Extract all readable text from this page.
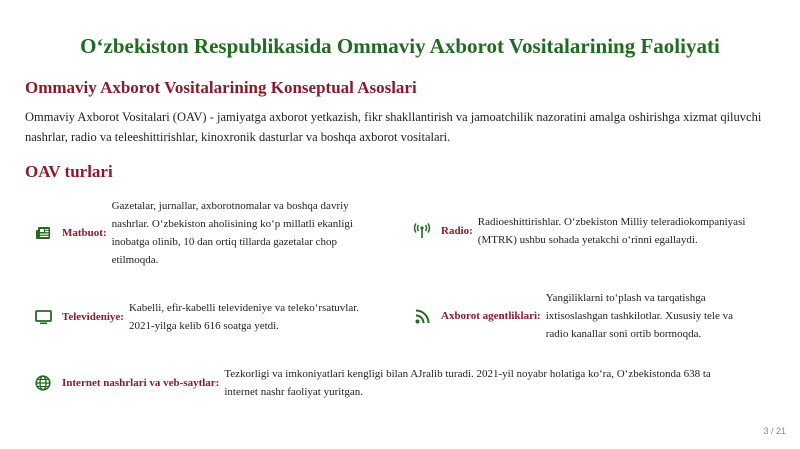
O‘zbekiston Respublikasida Ommaviy Axborot Vositalarining Faoliyati
Ommaviy Axborot Vositalarining Konseptual Asoslari

Ommaviy Axborot Vositalari (OAV) - jamiyatga axborot yetkazish, fikr shakllantirish va jamoatchilik nazoratini amalga oshirishga xizmat qiluvchi nashrlar, radio va teleeshittirishlar, kinoxronik dasturlar va boshqa axborot vositalari.

OAV turlari
Matbuot:
Gazetalar, jurnallar, axborotnomalar va boshqa davriy nashrlar. O‘zbekiston aholisining ko‘p millatli ekanligi inobatga olinib, 10 dan ortiq tillarda gazetalar chop etilmoqda.
Radio:
Radioeshittirishlar. O‘zbekiston Milliy teleradiokompaniyasi (MTRK) ushbu sohada yetakchi o‘rinni egallaydi.
Televideniye:
Kabelli, efir-kabelli televideniye va teleko‘rsatuvlar. 2021-yilga kelib 616 soatga yetdi.
Axborot agentliklari:
Yangiliklarni to‘plash va tarqatishga ixtisoslashgan tashkilotlar. Xususiy tele va radio kanallar soni ortib bormoqda.
Internet nashrlari va veb-saytlar:
Tezkorligi va imkoniyatlari kengligi bilan AJralib turadi. 2021-yil noyabr holatiga ko‘ra, O‘zbekistonda 638 ta internet nashr faoliyat yuritgan.
3 / 21
